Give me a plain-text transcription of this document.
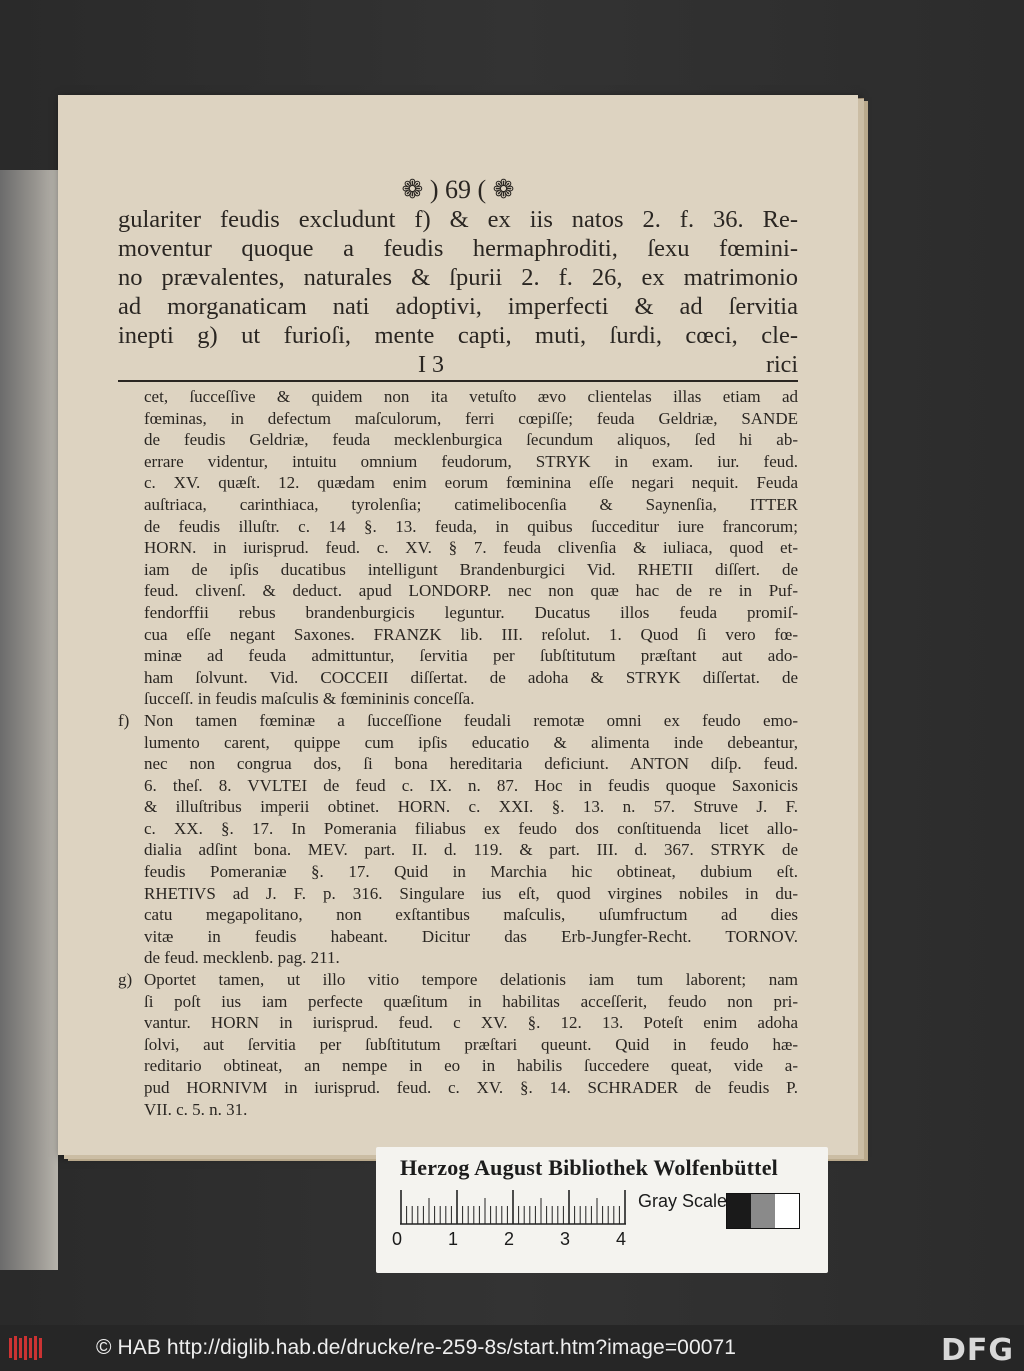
❁ ) 69 ( ❁
gulariter feudis excludunt f) & ex iis natos 2. f. 36. Re-
moventur quoque a feudis hermaphroditi, ſexu fœmini-
no prævalentes, naturales & ſpurii 2. f. 26, ex matrimonio
ad morganaticam nati adoptivi, imperfecti & ad ſervitia
inepti g) ut furioſi, mente capti, muti, ſurdi, cœci, cle-
I 3	rici
cet, ſucceſſive & quidem non ita vetuſto ævo clientelas illas etiam ad
fœminas, in defectum maſculorum, ferri cœpiſſe; feuda Geldriæ, SANDE
de feudis Geldriæ, feuda mecklenburgica ſecundum aliquos, ſed hi ab-
errare videntur, intuitu omnium feudorum, STRYK in exam. iur. feud.
c. XV. quæſt. 12. quædam enim eorum fœminina eſſe negari nequit. Feuda
auſtriaca, carinthiaca, tyrolenſia; catimelibocenſia & Saynenſia, ITTER
de feudis illuſtr. c. 14 §. 13. feuda, in quibus ſucceditur iure francorum;
HORN. in iurisprud. feud. c. XV. § 7. feuda clivenſia & iuliaca, quod et-
iam de ipſis ducatibus intelligunt Brandenburgici Vid. RHETII diſſert. de
feud. clivenſ. & deduct. apud LONDORP. nec non quæ hac de re in Puf-
fendorffii rebus brandenburgicis leguntur. Ducatus illos feuda promiſ-
cua eſſe negant Saxones. FRANZK lib. III. reſolut. 1. Quod ſi vero fœ-
minæ ad feuda admittuntur, ſervitia per ſubſtitutum præſtant aut ado-
ham ſolvunt. Vid. COCCEII diſſertat. de adoha & STRYK diſſertat. de
ſucceſſ. in feudis maſculis & fœmininis conceſſa.
f) Non tamen fœminæ a ſucceſſione feudali remotæ omni ex feudo emo-
lumento carent, quippe cum ipſis educatio & alimenta inde debeantur,
nec non congrua dos, ſi bona hereditaria deficiunt. ANTON diſp. feud.
6. theſ. 8. VVLTEI de feud c. IX. n. 87. Hoc in feudis quoque Saxonicis
& illuſtribus imperii obtinet. HORN. c. XXI. §. 13. n. 57. Struve J. F.
c. XX. §. 17. In Pomerania filiabus ex feudo dos conſtituenda licet allo-
dialia adſint bona. MEV. part. II. d. 119. & part. III. d. 367. STRYK de
feudis Pomeraniæ §. 17. Quid in Marchia hic obtineat, dubium eſt.
RHETIVS ad J. F. p. 316. Singulare ius eſt, quod virgines nobiles in du-
catu megapolitano, non exſtantibus maſculis, uſumfructum ad dies
vitæ in feudis habeant. Dicitur das Erb-Jungfer-Recht. TORNOV.
de feud. mecklenb. pag. 211.
g) Oportet tamen, ut illo vitio tempore delationis iam tum laborent; nam
ſi poſt ius iam perfecte quæſitum in habilitas acceſſerit, feudo non pri-
vantur. HORN in iurisprud. feud. c XV. §. 12. 13. Poteſt enim adoha
ſolvi, aut ſervitia per ſubſtitutum præſtari queunt. Quid in feudo hæ-
reditario obtineat, an nempe in eo in habilis ſuccedere queat, vide a-
pud HORNIVM in iurisprud. feud. c. XV. §. 14. SCHRADER de feudis P.
VII. c. 5. n. 31.
Herzog August Bibliothek Wolfenbüttel
0	1	2	3	4
Gray Scale
© HAB http://diglib.hab.de/drucke/re-259-8s/start.htm?image=00071	DFG
